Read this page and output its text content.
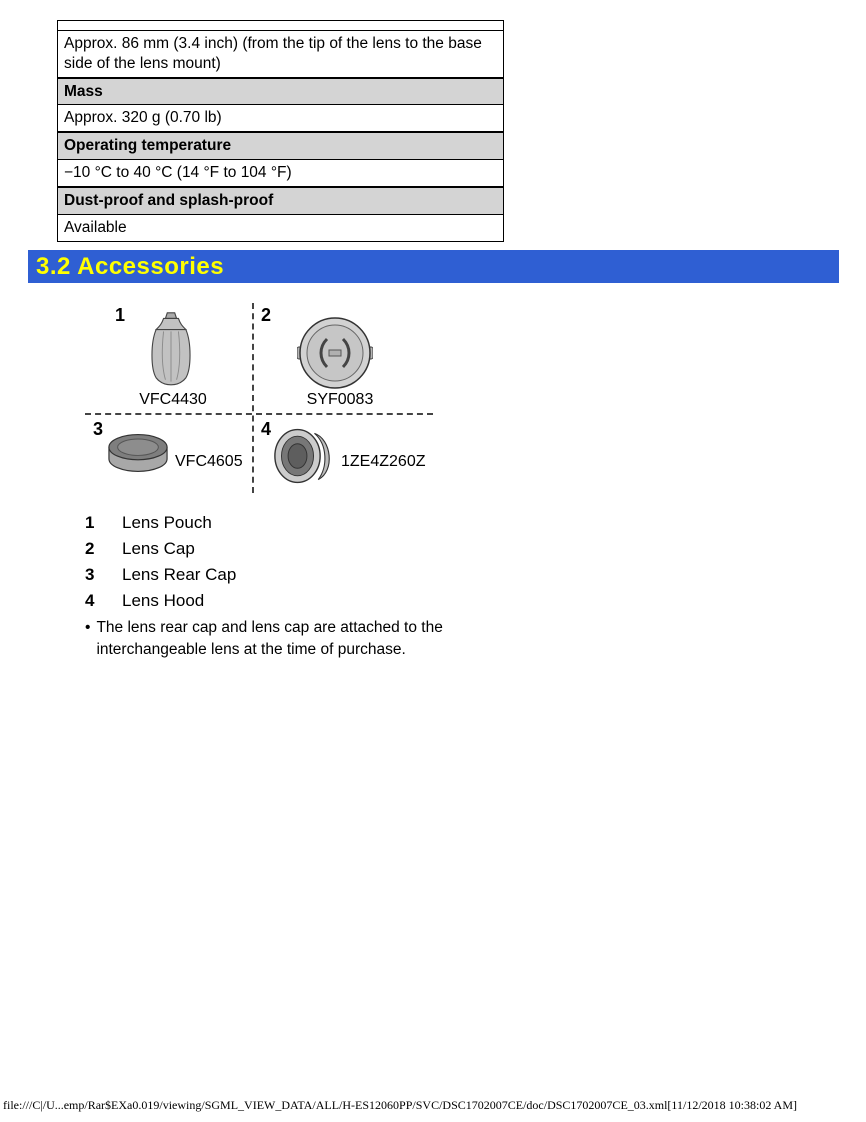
Approx. 86 mm (3.4 inch) (from the tip of the lens to the base side of the lens mount)
Mass
Approx. 320 g (0.70 lb)
Operating temperature
−10 °C to 40 °C (14 °F to 104 °F)
Dust-proof and splash-proof
Available
3.2 Accessories
1
VFC4430
2
SYF0083
3
VFC4605
4
1ZE4Z260Z
1	Lens Pouch
2	Lens Cap
3	Lens Rear Cap
4	Lens Hood
• The lens rear cap and lens cap are attached to the interchangeable lens at the time of purchase.
file:///C|/U...emp/Rar$EXa0.019/viewing/SGML_VIEW_DATA/ALL/H-ES12060PP/SVC/DSC1702007CE/doc/DSC1702007CE_03.xml[11/12/2018 10:38:02 AM]
